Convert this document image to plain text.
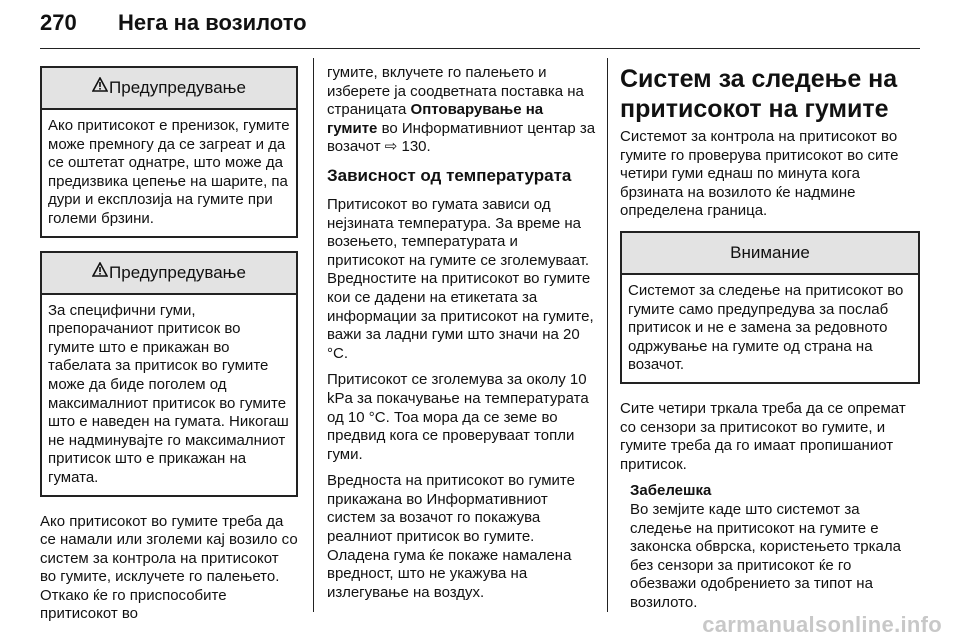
270 Нега на возилото
Предупредување
Ако притисокот е пренизок, гумите може премногу да се загреат и да се оштетат однатре, што може да предизвика цепење на шарите, па дури и експлозија на гумите при големи брзини.
Предупредување
За специфични гуми, препорачаниот притисок во гумите што е прикажан во табелата за притисок во гумите може да биде поголем од максималниот притисок во гумите што е наведен на гумата. Никогаш не надминувајте го максималниот притисок што е прикажан на гумата.

Ако притисокот во гумите треба да се намали или зголеми кај возило со систем за контрола на притисокот во гумите, исклучете го палењето. Откако ќе го приспособите притисокот во

гумите, вклучете го палењето и изберете ја соодветната поставка на страницата Оптоварување на гумите во Информативниот центар за возачот ⇨ 130.

Зависност од температурата

Притисокот во гумата зависи од нејзината температура. За време на возењето, температурата и притисокот на гумите се зголемуваат. Вредностите на притисокот во гумите кои се дадени на етикетата за информации за притисокот на гумите, важи за ладни гуми што значи на 20 °C.

Притисокот се зголемува за околу 10 kPa за покачување на температурата од 10 °C. Тоа мора да се земе во предвид кога се проверуваат топли гуми.

Вредноста на притисокот во гумите прикажана во Информативниот систем за возачот го покажува реалниот притисок во гумите. Оладена гума ќе покаже намалена вредност, што не укажува на излегување на воздух.

Систем за следење на притисокот на гумите

Системот за контрола на притисокот во гумите го проверува притисокот во сите четири гуми еднаш по минута кога брзината на возилото ќе надмине определена граница.

Внимание
Системот за следење на притисокот во гумите само предупредува за послаб притисок и не е замена за редовното одржување на гумите од страна на возачот.

Сите четири тркала треба да се опремат со сензори за притисокот во гумите, и гумите треба да го имаат пропишаниот притисок.

Забелешка
Во земјите каде што системот за следење на притисокот на гумите е законска обврска, користењето тркала без сензори за притисокот ќе го обезважи одобрението за типот на возилото.
carmanualsonline.info
